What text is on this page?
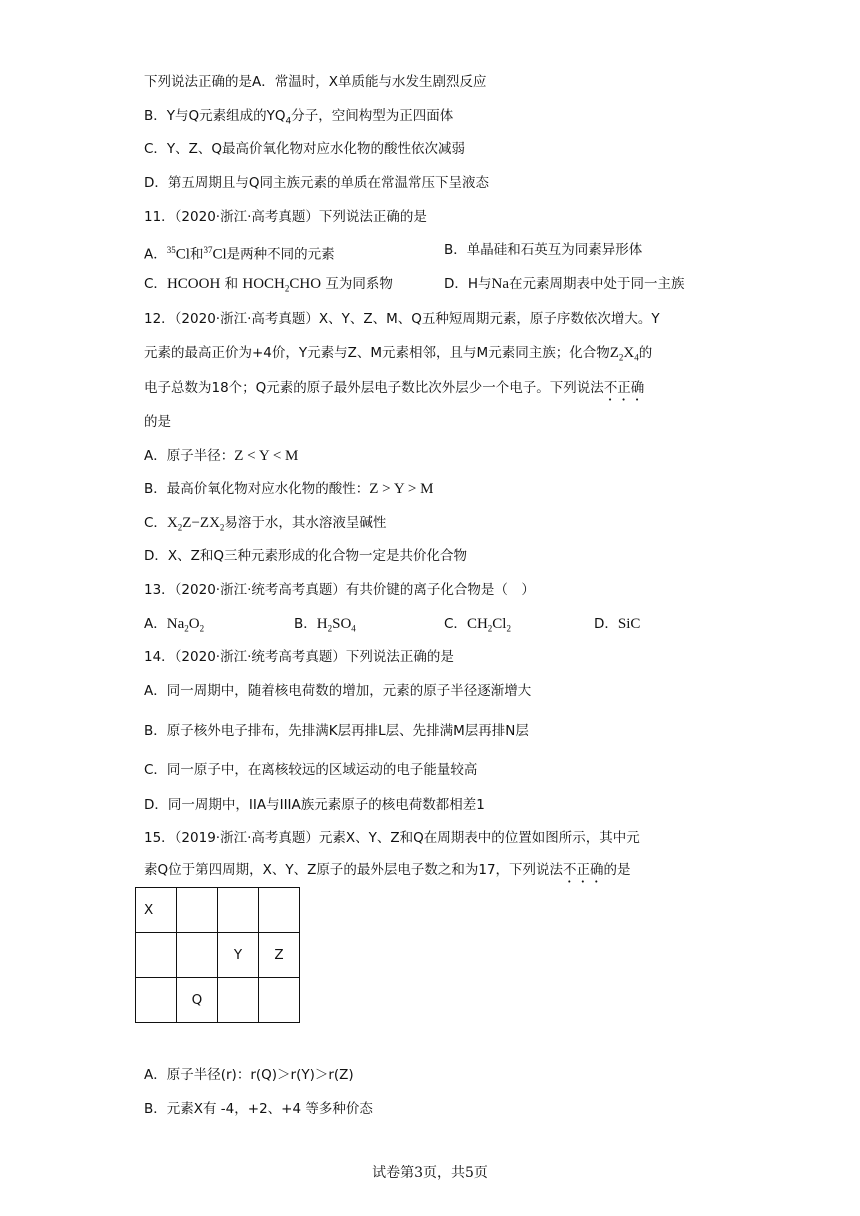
下列说法正确的是A．常温时，X单质能与水发生剧烈反应
B．Y与Q元素组成的$YQ_4$分子，空间构型为正四面体
C．Y、Z、Q最高价氧化物对应水化物的酸性依次减弱
D．第五周期且与Q同主族元素的单质在常温常压下呈液态
11．（2020·浙江·高考真题）下列说法正确的是
A．$^{35}$Cl和$^{37}$Cl是两种不同的元素	B．单晶硅和石英互为同素异形体
C．HCOOH 和 $HOCH_2CHO$ 互为同系物	D．H与Na在元素周期表中处于同一主族
12．（2020·浙江·高考真题）X、Y、Z、M、Q五种短周期元素，原子序数依次增大。Y
元素的最高正价为+4价，Y元素与Z、M元素相邻，且与M元素同主族；化合物$Z_2X_4$的
电子总数为18个；Q元素的原子最外层电子数比次外层少一个电子。下列说法不正确
的是
A．原子半径：Z < Y < M
B．最高价氧化物对应水化物的酸性：Z > Y > M
C．$X_2Z-ZX_2$易溶于水，其水溶液呈碱性
D．X、Z和Q三种元素形成的化合物一定是共价化合物
13．（2020·浙江·统考高考真题）有共价键的离子化合物是（　）
A．$Na_2O_2$	B．$H_2SO_4$	C．$CH_2Cl_2$	D．SiC
14．（2020·浙江·统考高考真题）下列说法正确的是
A．同一周期中，随着核电荷数的增加，元素的原子半径逐渐增大
B．原子核外电子排布，先排满K层再排L层、先排满M层再排N层
C．同一原子中，在离核较远的区域运动的电子能量较高
D．同一周期中，IIA与IIIA族元素原子的核电荷数都相差1
15．（2019·浙江·高考真题）元素X、Y、Z和Q在周期表中的位置如图所示，其中元
素Q位于第四周期，X、Y、Z原子的最外层电子数之和为17，下列说法不正确的是
X			
		Y	Z
	Q		
A．原子半径(r)：r(Q)＞r(Y)＞r(Z)
B．元素X有 -4，+2、+4 等多种价态
试卷第3页，共5页
